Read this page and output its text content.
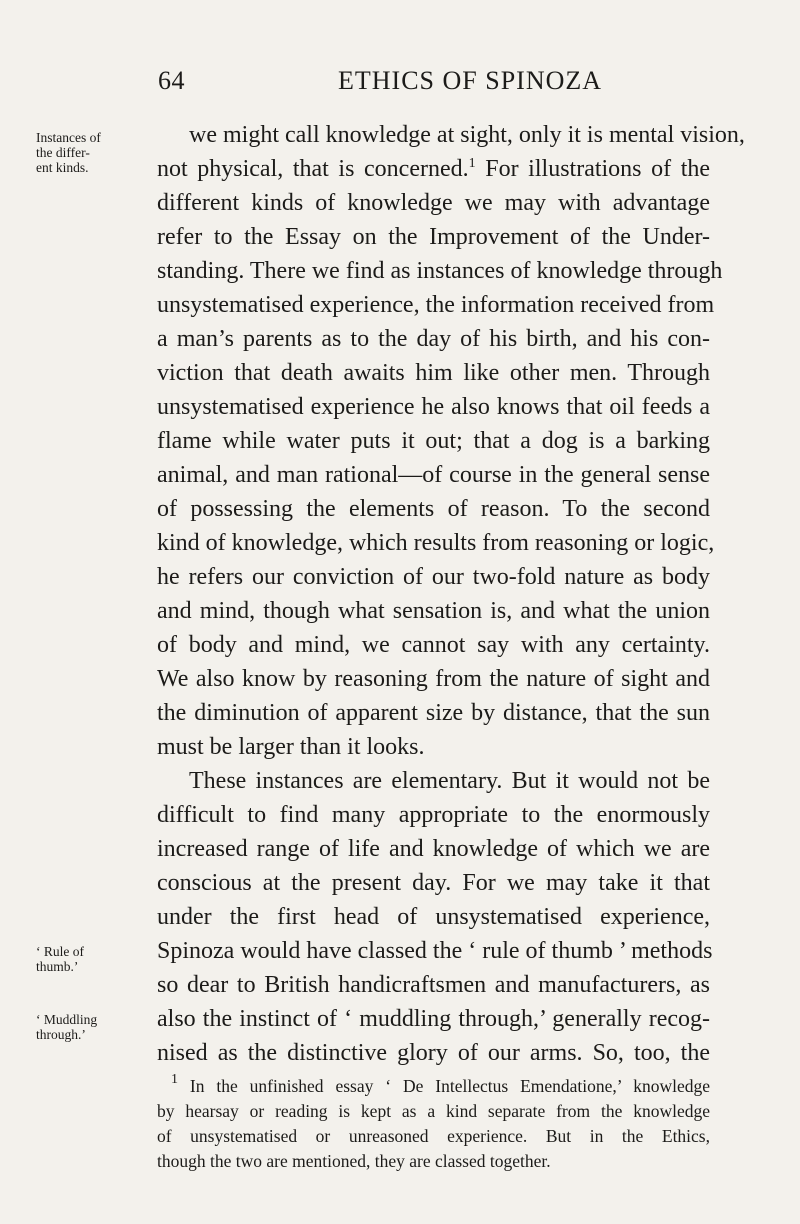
64	ETHICS OF SPINOZA
Instances of
the differ-
ent kinds.
‘ Rule of
thumb.’
‘ Muddling
through.’
we might call knowledge at sight, only it is mental vision,
not physical, that is concerned.$^1$ For illustrations of the
different kinds of knowledge we may with advantage
refer to the Essay on the Improvement of the Under-
standing. There we find as instances of knowledge through
unsystematised experience, the information received from
a man’s parents as to the day of his birth, and his con-
viction that death awaits him like other men. Through
unsystematised experience he also knows that oil feeds a
flame while water puts it out; that a dog is a barking
animal, and man rational—of course in the general sense
of possessing the elements of reason. To the second
kind of knowledge, which results from reasoning or logic,
he refers our conviction of our two-fold nature as body
and mind, though what sensation is, and what the union
of body and mind, we cannot say with any certainty.
We also know by reasoning from the nature of sight and
the diminution of apparent size by distance, that the sun
must be larger than it looks.
These instances are elementary. But it would not be
difficult to find many appropriate to the enormously
increased range of life and knowledge of which we are
conscious at the present day. For we may take it that
under the first head of unsystematised experience,
Spinoza would have classed the ‘ rule of thumb ’ methods
so dear to British handicraftsmen and manufacturers, as
also the instinct of ‘ muddling through,’ generally recog-
nised as the distinctive glory of our arms. So, too, the
$^1$ In the unfinished essay ‘ De Intellectus Emendatione,’ knowledge
by hearsay or reading is kept as a kind separate from the knowledge
of unsystematised or unreasoned experience. But in the Ethics,
though the two are mentioned, they are classed together.
